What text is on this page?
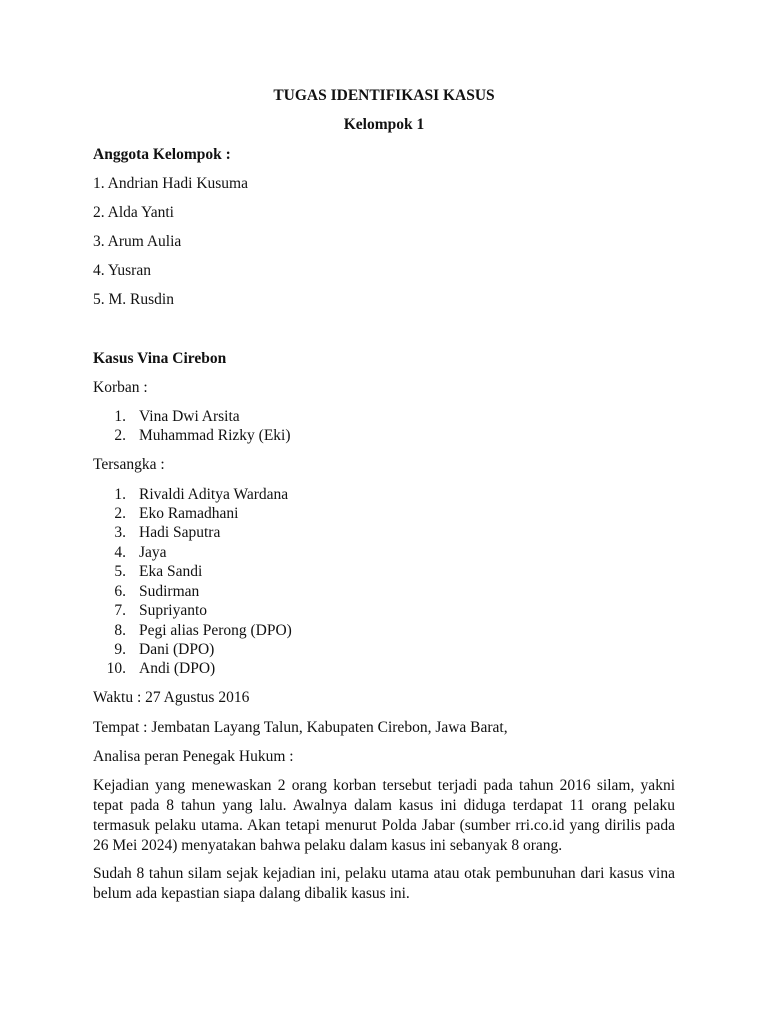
TUGAS IDENTIFIKASI KASUS
Kelompok 1
Anggota Kelompok :
1. Andrian Hadi Kusuma
2. Alda Yanti
3. Arum Aulia
4. Yusran
5. M. Rusdin
Kasus Vina Cirebon
Korban :
1. Vina Dwi Arsita
2. Muhammad Rizky (Eki)
Tersangka :
1. Rivaldi Aditya Wardana
2. Eko Ramadhani
3. Hadi Saputra
4. Jaya
5. Eka Sandi
6. Sudirman
7. Supriyanto
8. Pegi alias Perong (DPO)
9. Dani (DPO)
10. Andi (DPO)
Waktu : 27 Agustus 2016
Tempat : Jembatan Layang Talun, Kabupaten Cirebon, Jawa Barat,
Analisa peran Penegak Hukum :
Kejadian yang menewaskan 2 orang korban tersebut terjadi pada tahun 2016 silam, yakni
tepat pada 8 tahun yang lalu. Awalnya dalam kasus ini diduga terdapat 11 orang pelaku
termasuk pelaku utama. Akan tetapi menurut Polda Jabar (sumber rri.co.id yang dirilis pada
26 Mei 2024) menyatakan bahwa pelaku dalam kasus ini sebanyak 8 orang.
Sudah 8 tahun silam sejak kejadian ini, pelaku utama atau otak pembunuhan dari kasus vina
belum ada kepastian siapa dalang dibalik kasus ini.
